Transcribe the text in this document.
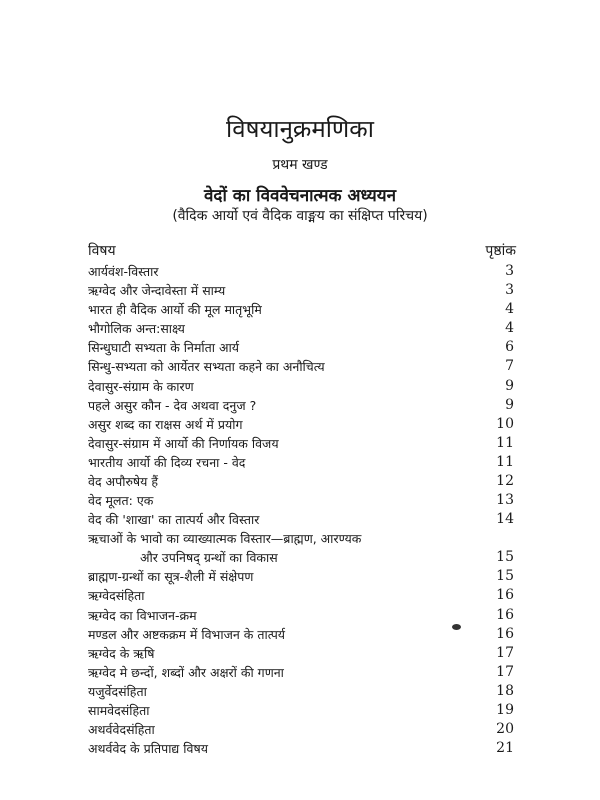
विषयानुक्रमणिका
प्रथम खण्ड
वेदों का विववेचनात्मक अध्ययन
(वैदिक आर्यो एवं वैदिक वाङ्मय का संक्षिप्त परिचय)
विषय	पृष्ठांक
आर्यवंश-विस्तार	3
ऋग्वेद और जेन्दावेस्ता में साम्य	3
भारत ही वैदिक आर्यो की मूल मातृभूमि	4
भौगोलिक अन्त:साक्ष्य	4
सिन्धुघाटी सभ्यता के निर्माता आर्य	6
सिन्धु-सभ्यता को आर्येतर सभ्यता कहने का अनौचित्य	7
देवासुर-संग्राम के कारण	9
पहले असुर कौन - देव अथवा दनुज ?	9
असुर शब्द का राक्षस अर्थ में प्रयोग	10
देवासुर-संग्राम में आर्यो की निर्णायक विजय	11
भारतीय आर्यो की दिव्य रचना - वेद	11
वेद अपौरुषेय हैं	12
वेद मूलत: एक	13
वेद की 'शाखा' का तात्पर्य और विस्तार	14
ऋचाओं के भावो का व्याख्यात्मक विस्तार—ब्राह्मण, आरण्यक
और उपनिषद् ग्रन्थों का विकास	15
ब्राह्मण-ग्रन्थों का सूत्र-शैली में संक्षेपण	15
ऋग्वेदसंहिता	16
ऋग्वेद का विभाजन-क्रम	16
मण्डल और अष्टकक्रम में विभाजन के तात्पर्य	16
ऋग्वेद के ऋषि	17
ऋग्वेद मे छन्दों, शब्दों और अक्षरों की गणना	17
यजुर्वेदसंहिता	18
सामवेदसंहिता	19
अथर्ववेदसंहिता	20
अथर्ववेद के प्रतिपाद्य विषय	21
